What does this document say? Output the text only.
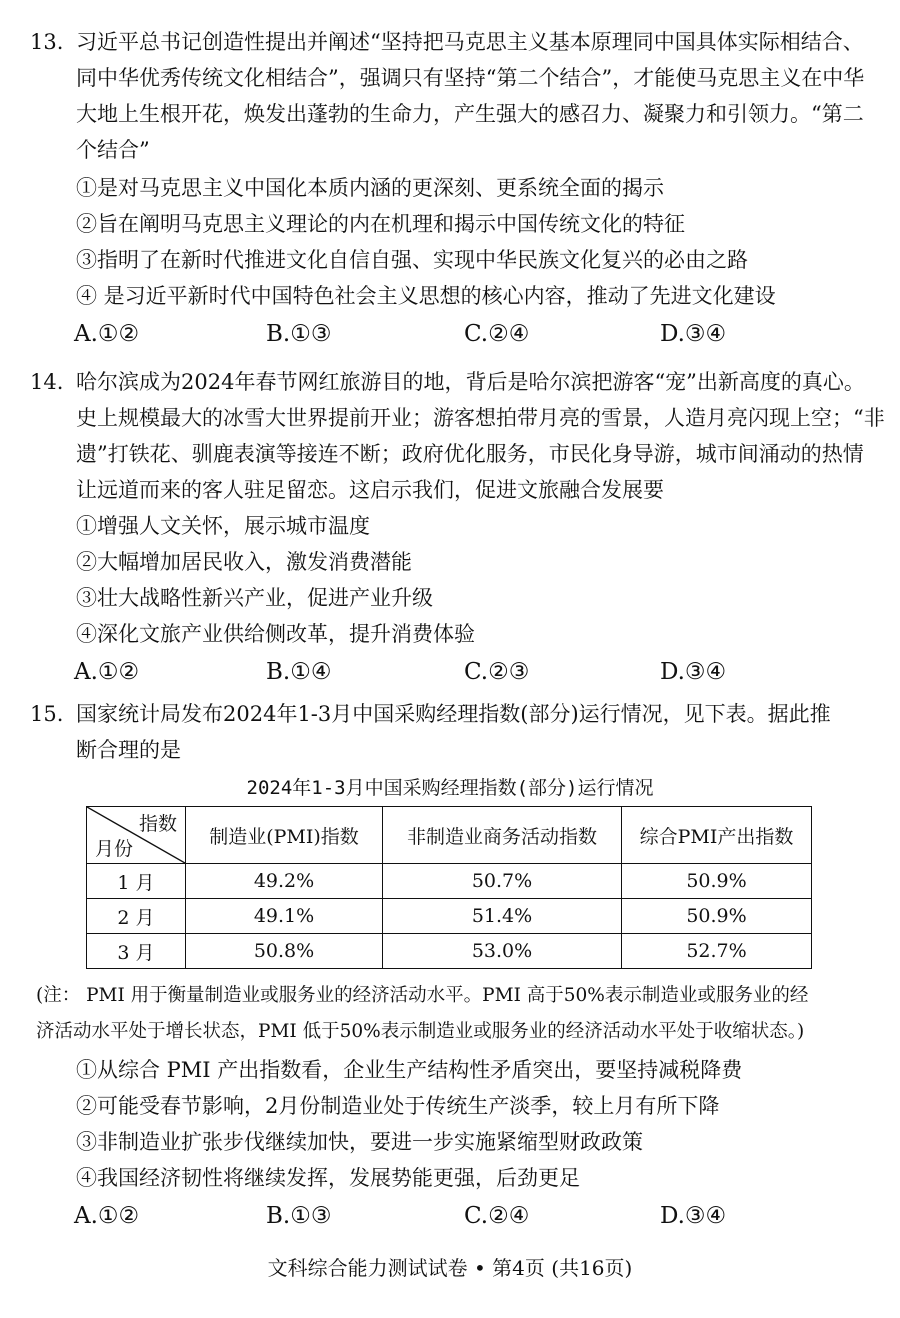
13. 习近平总书记创造性提出并阐述“坚持把马克思主义基本原理同中国具体实际相结合、
同中华优秀传统文化相结合”，强调只有坚持“第二个结合”，才能使马克思主义在中华
大地上生根开花，焕发出蓬勃的生命力，产生强大的感召力、凝聚力和引领力。“第二
个结合”
①是对马克思主义中国化本质内涵的更深刻、更系统全面的揭示
②旨在阐明马克思主义理论的内在机理和揭示中国传统文化的特征
③指明了在新时代推进文化自信自强、实现中华民族文化复兴的必由之路
④ 是习近平新时代中国特色社会主义思想的核心内容，推动了先进文化建设
A.①②	B.①③	C.②④	D.③④
14. 哈尔滨成为2024年春节网红旅游目的地，背后是哈尔滨把游客“宠”出新高度的真心。
史上规模最大的冰雪大世界提前开业；游客想拍带月亮的雪景，人造月亮闪现上空；“非
遗”打铁花、驯鹿表演等接连不断；政府优化服务，市民化身导游，城市间涌动的热情
让远道而来的客人驻足留恋。这启示我们，促进文旅融合发展要
①增强人文关怀，展示城市温度
②大幅增加居民收入，激发消费潜能
③壮大战略性新兴产业，促进产业升级
④深化文旅产业供给侧改革，提升消费体验
A.①②	B.①④	C.②③	D.③④
15. 国家统计局发布2024年1-3月中国采购经理指数(部分)运行情况，见下表。据此推
断合理的是
2024年1-3月中国采购经理指数(部分)运行情况
指数
月份	制造业(PMI)指数	非制造业商务活动指数	综合PMI产出指数
1 月	49.2%	50.7%	50.9%
2 月	49.1%	51.4%	50.9%
3 月	50.8%	53.0%	52.7%
(注： PMI 用于衡量制造业或服务业的经济活动水平。PMI 高于50%表示制造业或服务业的经
济活动水平处于增长状态，PMI 低于50%表示制造业或服务业的经济活动水平处于收缩状态。)
①从综合 PMI 产出指数看，企业生产结构性矛盾突出，要坚持减税降费
②可能受春节影响，2月份制造业处于传统生产淡季，较上月有所下降
③非制造业扩张步伐继续加快，要进一步实施紧缩型财政政策
④我国经济韧性将继续发挥，发展势能更强，后劲更足
A.①②	B.①③	C.②④	D.③④
文科综合能力测试试卷 • 第4页 (共16页)
